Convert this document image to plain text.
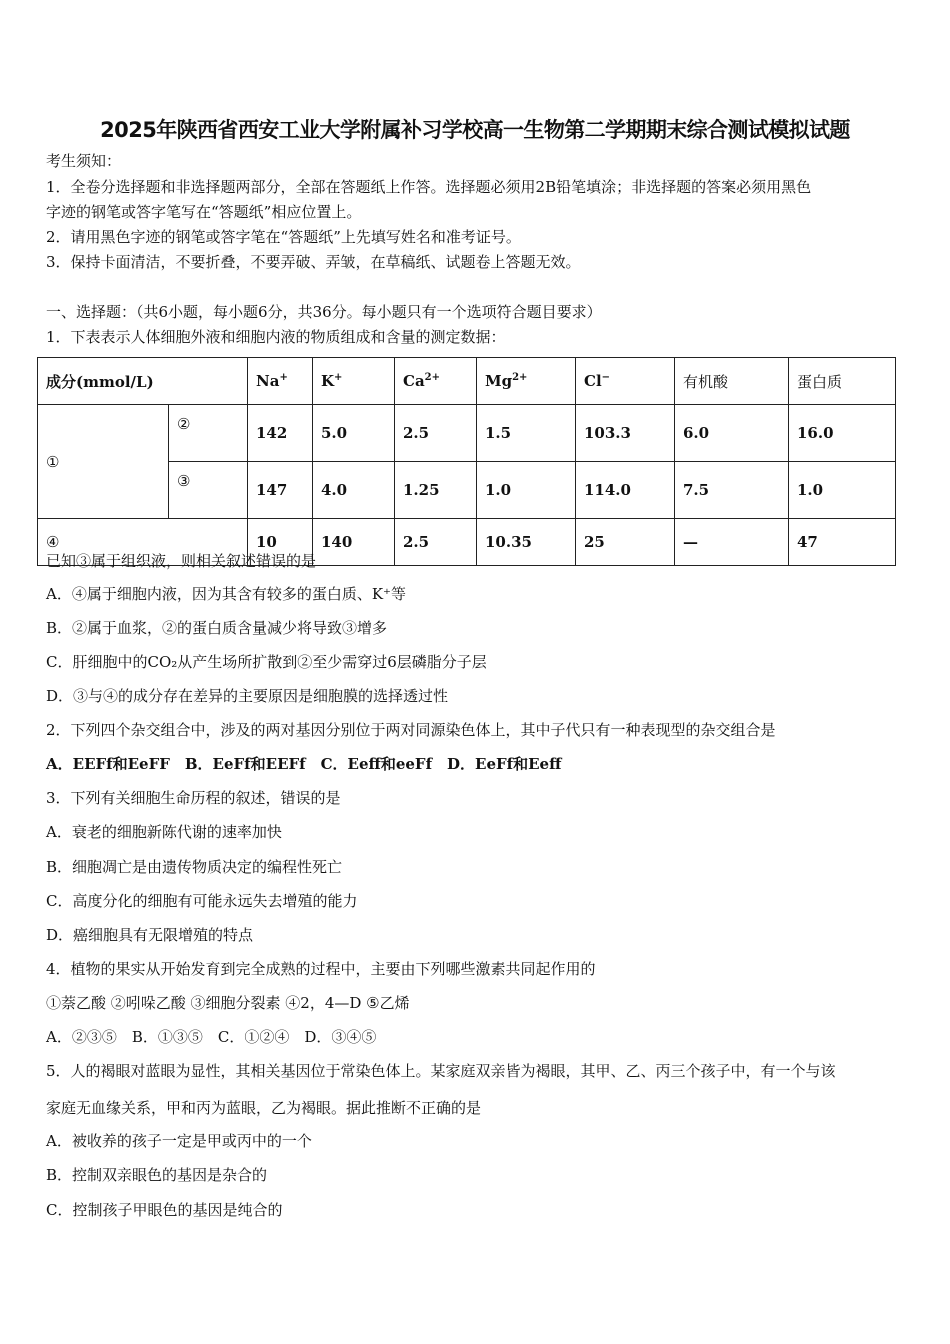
2025年陕西省西安工业大学附属补习学校高一生物第二学期期末综合测试模拟试题
考生须知：
1．全卷分选择题和非选择题两部分，全部在答题纸上作答。选择题必须用2B铅笔填涂；非选择题的答案必须用黑色
字迹的钢笔或答字笔写在“答题纸”相应位置上。
2．请用黑色字迹的钢笔或答字笔在“答题纸”上先填写姓名和准考证号。
3．保持卡面清洁，不要折叠，不要弄破、弄皱，在草稿纸、试题卷上答题无效。
一、选择题：（共6小题，每小题6分，共36分。每小题只有一个选项符合题目要求）
1．下表表示人体细胞外液和细胞内液的物质组成和含量的测定数据：
成分(mmol/L)		Na+	K+	$Ca^{2+}$	$Mg^{2+}$	Cl−	有机酸	蛋白质
①	②	142	5.0	2.5	1.5	103.3	6.0	16.0
	③	147	4.0	1.25	1.0	114.0	7.5	1.0
④		10	140	2.5	10.35	25	—	47
已知③属于组织液，则相关叙述错误的是
A．④属于细胞内液，因为其含有较多的蛋白质、K⁺等
B．②属于血浆，②的蛋白质含量减少将导致③增多
C．肝细胞中的CO₂从产生场所扩散到②至少需穿过6层磷脂分子层
D．③与④的成分存在差异的主要原因是细胞膜的选择透过性
2．下列四个杂交组合中，涉及的两对基因分别位于两对同源染色体上，其中子代只有一种表现型的杂交组合是
A．EEFf和EeFF　B．EeFf和EEFf　C．Eeff和eeFf　D．EeFf和Eeff
3．下列有关细胞生命历程的叙述，错误的是
A．衰老的细胞新陈代谢的速率加快
B．细胞凋亡是由遗传物质决定的编程性死亡
C．高度分化的细胞有可能永远失去增殖的能力
D．癌细胞具有无限增殖的特点
4．植物的果实从开始发育到完全成熟的过程中，主要由下列哪些激素共同起作用的
①萘乙酸 ②吲哚乙酸 ③细胞分裂素 ④2，4—D ⑤乙烯
A．②③⑤　B．①③⑤　C．①②④　D．③④⑤
5．人的褐眼对蓝眼为显性，其相关基因位于常染色体上。某家庭双亲皆为褐眼，其甲、乙、丙三个孩子中，有一个与该
家庭无血缘关系，甲和丙为蓝眼，乙为褐眼。据此推断不正确的是
A．被收养的孩子一定是甲或丙中的一个
B．控制双亲眼色的基因是杂合的
C．控制孩子甲眼色的基因是纯合的
